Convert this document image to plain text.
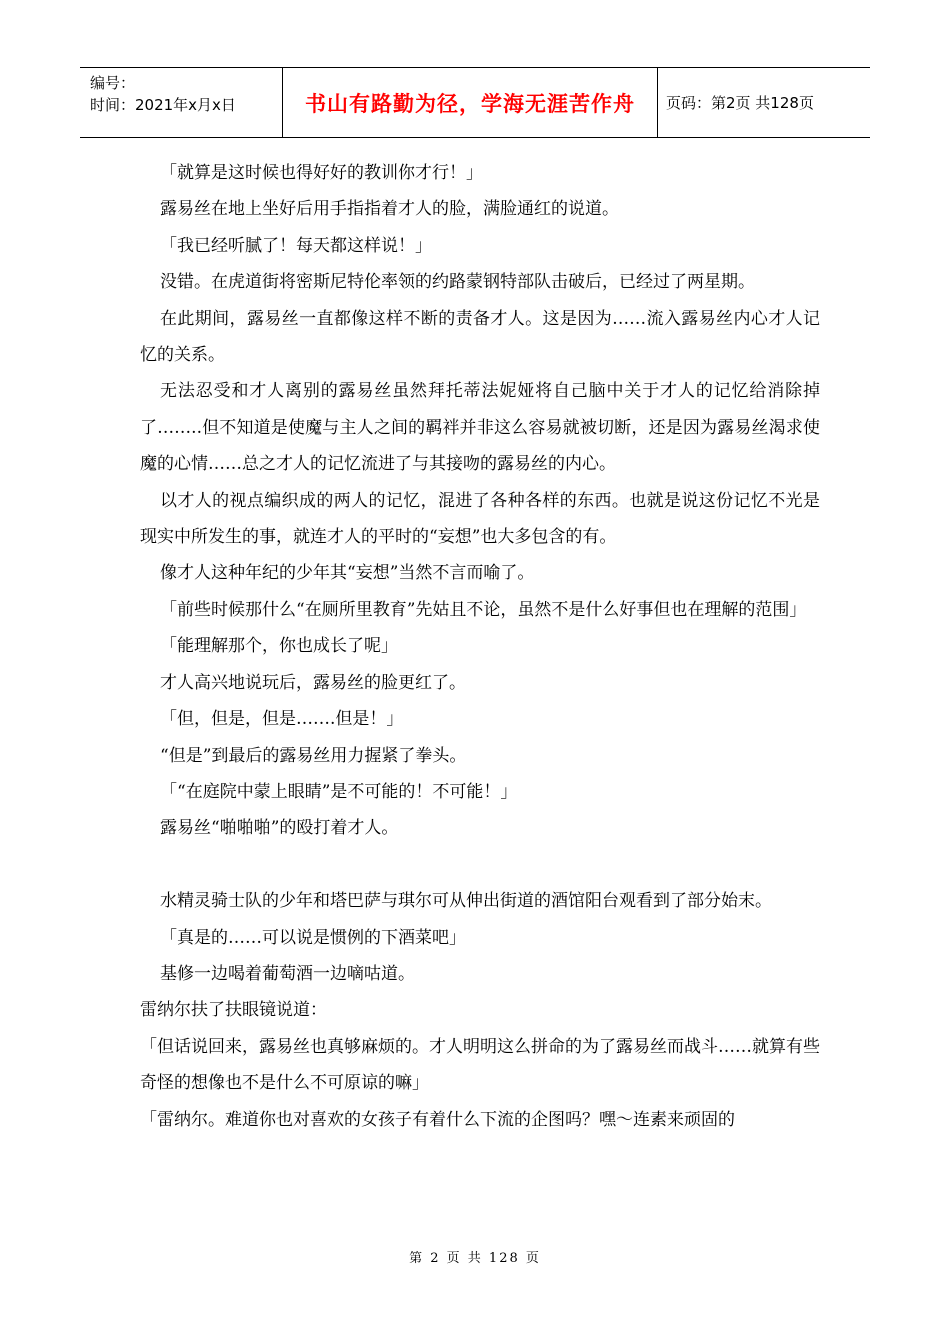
编号：
时间：2021年x月x日	书山有路勤为径，学海无涯苦作舟	页码：第2页 共128页

「就算是这时候也得好好的教训你才行！」

露易丝在地上坐好后用手指指着才人的脸，满脸通红的说道。

「我已经听腻了！每天都这样说！」

没错。在虎道街将密斯尼特伦率领的约路蒙钢特部队击破后，已经过了两星期。

在此期间，露易丝一直都像这样不断的责备才人。这是因为……流入露易丝内心才人记忆的关系。

无法忍受和才人离别的露易丝虽然拜托蒂法妮娅将自己脑中关于才人的记忆给消除掉了……..但不知道是使魔与主人之间的羁袢并非这么容易就被切断，还是因为露易丝渴求使魔的心情……总之才人的记忆流进了与其接吻的露易丝的内心。

以才人的视点编织成的两人的记忆，混进了各种各样的东西。也就是说这份记忆不光是现实中所发生的事，就连才人的平时的“妄想”也大多包含的有。

像才人这种年纪的少年其“妄想”当然不言而喻了。

「前些时候那什么“在厕所里教育”先姑且不论，虽然不是什么好事但也在理解的范围」

「能理解那个，你也成长了呢」

才人高兴地说玩后，露易丝的脸更红了。

「但，但是，但是…….但是！」

“但是”到最后的露易丝用力握紧了拳头。

「“在庭院中蒙上眼睛”是不可能的！不可能！」

露易丝“啪啪啪”的殴打着才人。

水精灵骑士队的少年和塔巴萨与琪尔可从伸出街道的酒馆阳台观看到了部分始末。

「真是的……可以说是惯例的下酒菜吧」

基修一边喝着葡萄酒一边嘀咕道。

雷纳尔扶了扶眼镜说道：

「但话说回来，露易丝也真够麻烦的。才人明明这么拼命的为了露易丝而战斗……就算有些奇怪的想像也不是什么不可原谅的嘛」

「雷纳尔。难道你也对喜欢的女孩子有着什么下流的企图吗？嘿～连素来顽固的

第 2 页 共 128 页
